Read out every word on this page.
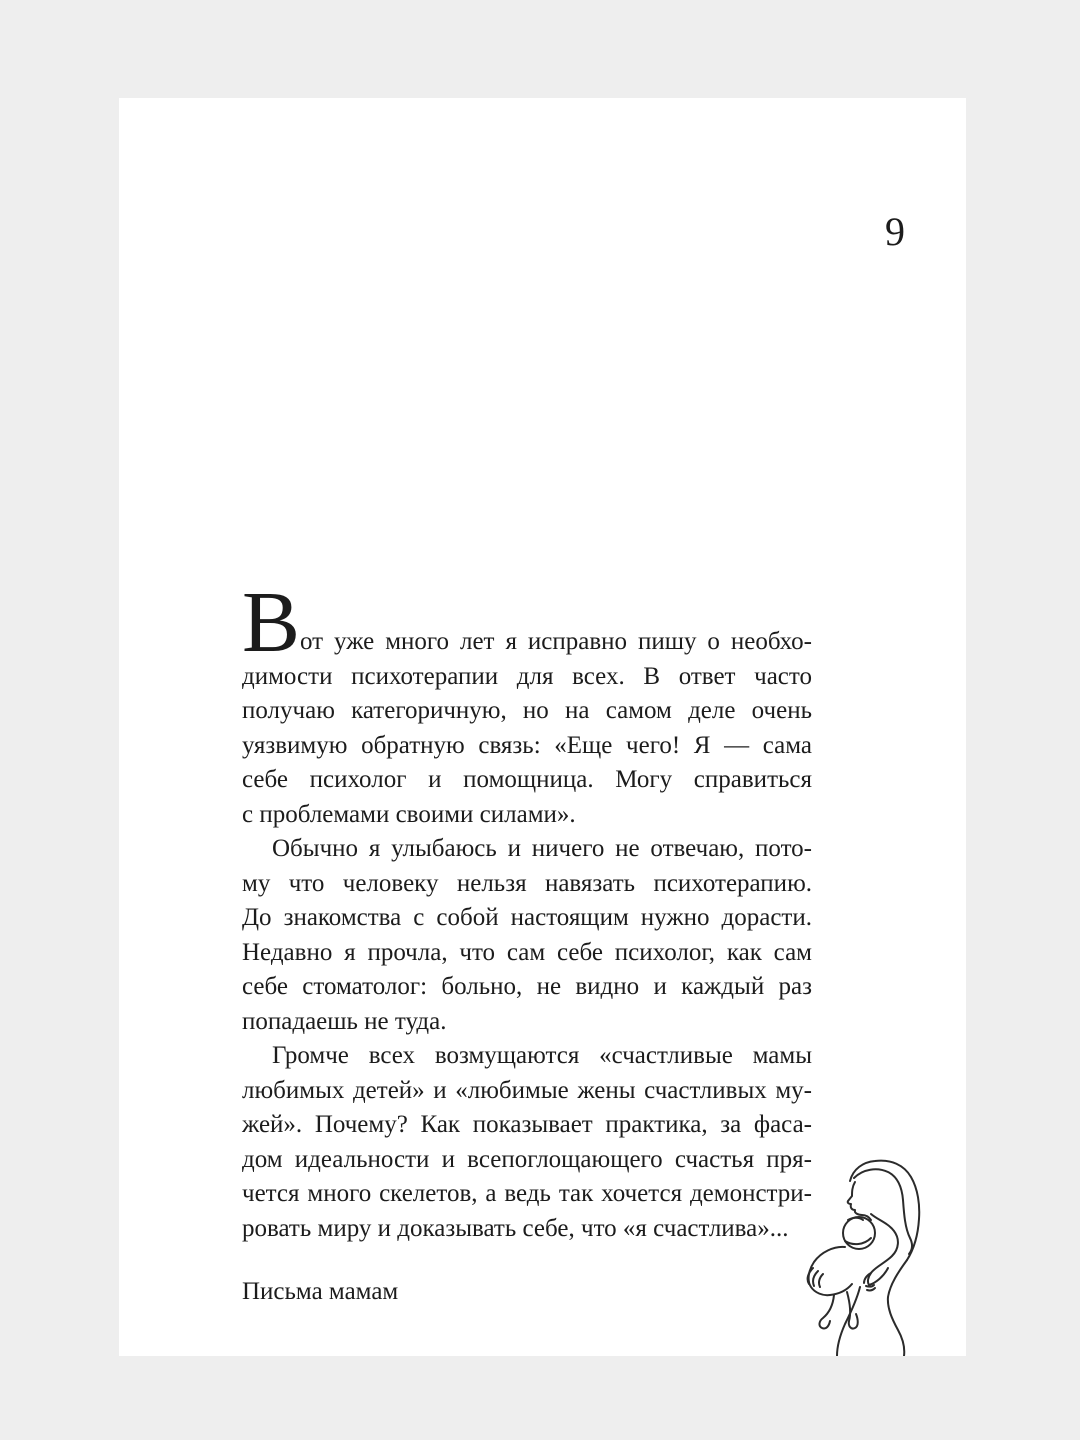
9
В от уже много лет я исправно пишу о необхо-
димости психотерапии для всех. В ответ часто
получаю категоричную, но на самом деле очень
уязвимую обратную связь: «Еще чего! Я — сама
себе психолог и помощница. Могу справиться
с проблемами своими силами».
Обычно я улыбаюсь и ничего не отвечаю, пото-
му что человеку нельзя навязать психотерапию.
До знакомства с собой настоящим нужно дорасти.
Недавно я прочла, что сам себе психолог, как сам
себе стоматолог: больно, не видно и каждый раз
попадаешь не туда.
Громче всех возмущаются «счастливые мамы
любимых детей» и «любимые жены счастливых му-
жей». Почему? Как показывает практика, за фаса-
дом идеальности и всепоглощающего счастья пря-
чется много скелетов, а ведь так хочется демонстри-
ровать миру и доказывать себе, что «я счастлива»...
Письма мамам
